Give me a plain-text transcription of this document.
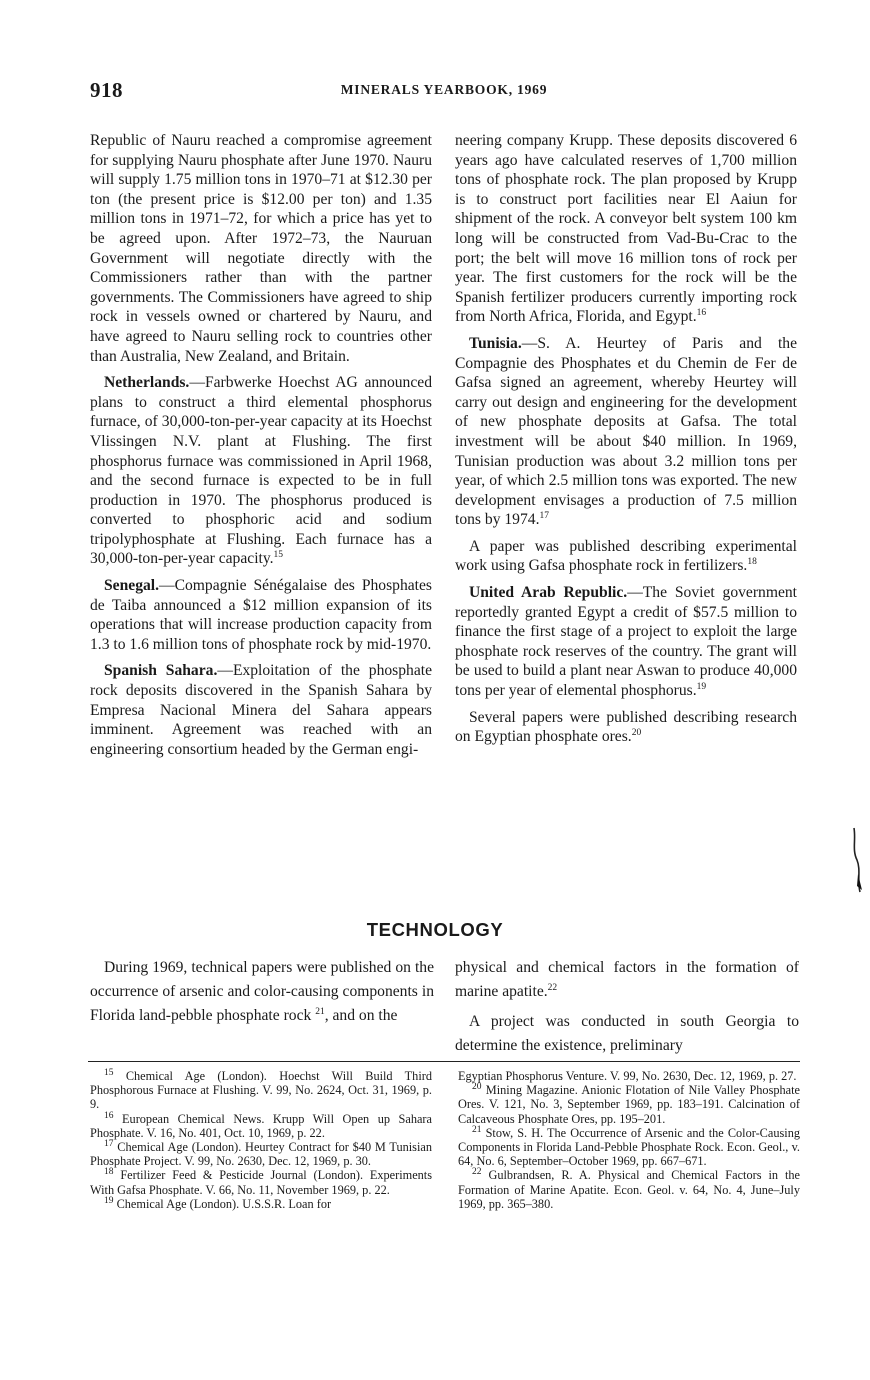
918	MINERALS YEARBOOK, 1969

Republic of Nauru reached a compromise agreement for supplying Nauru phosphate after June 1970. Nauru will supply 1.75 million tons in 1970–71 at $12.30 per ton (the present price is $12.00 per ton) and 1.35 million tons in 1971–72, for which a price has yet to be agreed upon. After 1972–73, the Nauruan Government will negotiate directly with the Commissioners rather than with the partner governments. The Commissioners have agreed to ship rock in vessels owned or chartered by Nauru, and have agreed to Nauru selling rock to countries other than Australia, New Zealand, and Britain.

Netherlands.—Farbwerke Hoechst AG announced plans to construct a third elemental phosphorus furnace, of 30,000-ton-per-year capacity at its Hoechst Vlissingen N.V. plant at Flushing. The first phosphorus furnace was commissioned in April 1968, and the second furnace is expected to be in full production in 1970. The phosphorus produced is converted to phosphoric acid and sodium tripolyphosphate at Flushing. Each furnace has a 30,000-ton-per-year capacity.$^{15}$

Senegal.—Compagnie Sénégalaise des Phosphates de Taiba announced a $12 million expansion of its operations that will increase production capacity from 1.3 to 1.6 million tons of phosphate rock by mid-1970.

Spanish Sahara.—Exploitation of the phosphate rock deposits discovered in the Spanish Sahara by Empresa Nacional Minera del Sahara appears imminent. Agreement was reached with an engineering consortium headed by the German engi-

neering company Krupp. These deposits discovered 6 years ago have calculated reserves of 1,700 million tons of phosphate rock. The plan proposed by Krupp is to construct port facilities near El Aaiun for shipment of the rock. A conveyor belt system 100 km long will be constructed from Vad-Bu-Crac to the port; the belt will move 16 million tons of rock per year. The first customers for the rock will be the Spanish fertilizer producers currently importing rock from North Africa, Florida, and Egypt.$^{16}$

Tunisia.—S. A. Heurtey of Paris and the Compagnie des Phosphates et du Chemin de Fer de Gafsa signed an agreement, whereby Heurtey will carry out design and engineering for the development of new phosphate deposits at Gafsa. The total investment will be about $40 million. In 1969, Tunisian production was about 3.2 million tons per year, of which 2.5 million tons was exported. The new development envisages a production of 7.5 million tons by 1974.17

A paper was published describing experimental work using Gafsa phosphate rock in fertilizers.$^{18}$

United Arab Republic.—The Soviet government reportedly granted Egypt a credit of $57.5 million to finance the first stage of a project to exploit the large phosphate rock reserves of the country. The grant will be used to build a plant near Aswan to produce 40,000 tons per year of elemental phosphorus.$^{19}$

Several papers were published describing research on Egyptian phosphate ores.$^{20}$

TECHNOLOGY

During 1969, technical papers were published on the occurrence of arsenic and color-causing components in Florida land-pebble phosphate rock $^{21}$, and on the

physical and chemical factors in the formation of marine apatite.$^{22}$

A project was conducted in south Georgia to determine the existence, preliminary

$^{15}$ Chemical Age (London). Hoechst Will Build Third Phosphorous Furnace at Flushing. V. 99, No. 2624, Oct. 31, 1969, p. 9.

$^{16}$ European Chemical News. Krupp Will Open up Sahara Phosphate. V. 16, No. 401, Oct. 10, 1969, p. 22.

$^{17}$ Chemical Age (London). Heurtey Contract for $40 M Tunisian Phosphate Project. V. 99, No. 2630, Dec. 12, 1969, p. 30.

$^{18}$ Fertilizer Feed & Pesticide Journal (London). Experiments With Gafsa Phosphate. V. 66, No. 11, November 1969, p. 22.

$^{19}$ Chemical Age (London). U.S.S.R. Loan for

Egyptian Phosphorus Venture. V. 99, No. 2630, Dec. 12, 1969, p. 27.

$^{20}$ Mining Magazine. Anionic Flotation of Nile Valley Phosphate Ores. V. 121, No. 3, September 1969, pp. 183–191. Calcination of Calcaveous Phosphate Ores, pp. 195–201.

$^{21}$ Stow, S. H. The Occurrence of Arsenic and the Color-Causing Components in Florida Land-Pebble Phosphate Rock. Econ. Geol., v. 64, No. 6, September–October 1969, pp. 667–671.

$^{22}$ Gulbrandsen, R. A. Physical and Chemical Factors in the Formation of Marine Apatite. Econ. Geol. v. 64, No. 4, June–July 1969, pp. 365–380.
